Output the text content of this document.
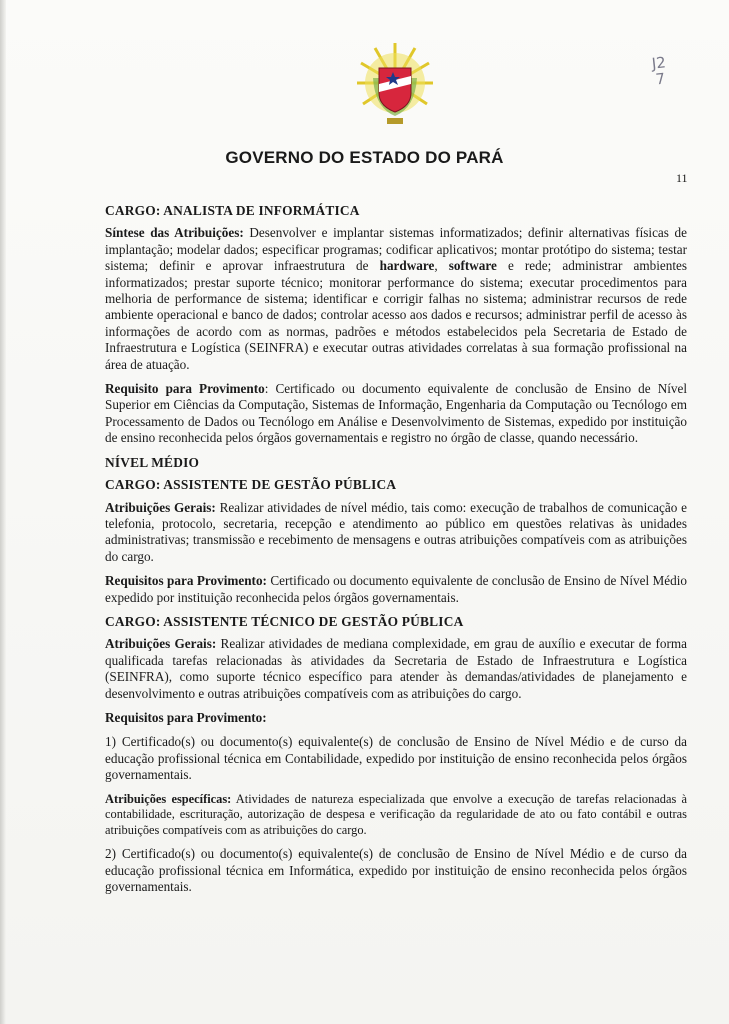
J2
7
GOVERNO DO ESTADO DO PARÁ
11
CARGO: ANALISTA DE INFORMÁTICA

Síntese das Atribuições: Desenvolver e implantar sistemas informatizados; definir alternativas físicas de implantação; modelar dados; especificar programas; codificar aplicativos; montar protótipo do sistema; testar sistema; definir e aprovar infraestrutura de hardware, software e rede; administrar ambientes informatizados; prestar suporte técnico; monitorar performance do sistema; executar procedimentos para melhoria de performance de sistema; identificar e corrigir falhas no sistema; administrar recursos de rede ambiente operacional e banco de dados; controlar acesso aos dados e recursos; administrar perfil de acesso às informações de acordo com as normas, padrões e métodos estabelecidos pela Secretaria de Estado de Infraestrutura e Logística (SEINFRA) e executar outras atividades correlatas à sua formação profissional na área de atuação.

Requisito para Provimento: Certificado ou documento equivalente de conclusão de Ensino de Nível Superior em Ciências da Computação, Sistemas de Informação, Engenharia da Computação ou Tecnólogo em Processamento de Dados ou Tecnólogo em Análise e Desenvolvimento de Sistemas, expedido por instituição de ensino reconhecida pelos órgãos governamentais e registro no órgão de classe, quando necessário.

NÍVEL MÉDIO
CARGO: ASSISTENTE DE GESTÃO PÚBLICA

Atribuições Gerais: Realizar atividades de nível médio, tais como: execução de trabalhos de comunicação e telefonia, protocolo, secretaria, recepção e atendimento ao público em questões relativas às unidades administrativas; transmissão e recebimento de mensagens e outras atribuições compatíveis com as atribuições do cargo.

Requisitos para Provimento: Certificado ou documento equivalente de conclusão de Ensino de Nível Médio expedido por instituição reconhecida pelos órgãos governamentais.

CARGO: ASSISTENTE TÉCNICO DE GESTÃO PÚBLICA

Atribuições Gerais: Realizar atividades de mediana complexidade, em grau de auxílio e executar de forma qualificada tarefas relacionadas às atividades da Secretaria de Estado de Infraestrutura e Logística (SEINFRA), como suporte técnico específico para atender às demandas/atividades de planejamento e desenvolvimento e outras atribuições compatíveis com as atribuições do cargo.

Requisitos para Provimento:

1) Certificado(s) ou documento(s) equivalente(s) de conclusão de Ensino de Nível Médio e de curso da educação profissional técnica em Contabilidade, expedido por instituição de ensino reconhecida pelos órgãos governamentais.

Atribuições específicas: Atividades de natureza especializada que envolve a execução de tarefas relacionadas à contabilidade, escrituração, autorização de despesa e verificação da regularidade de ato ou fato contábil e outras atribuições compatíveis com as atribuições do cargo.

2) Certificado(s) ou documento(s) equivalente(s) de conclusão de Ensino de Nível Médio e de curso da educação profissional técnica em Informática, expedido por instituição de ensino reconhecida pelos órgãos governamentais.
